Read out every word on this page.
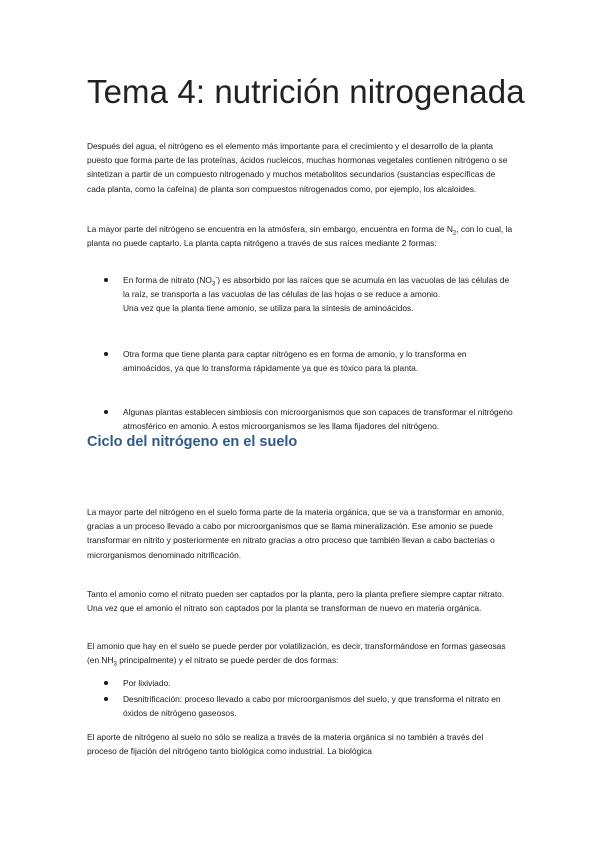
Tema 4: nutrición nitrogenada

Después del agua, el nitrógeno es el elemento más importante para el crecimiento y el desarrollo de la planta puesto que forma parte de las proteínas, ácidos nucleicos, muchas hormonas vegetales contienen nitrógeno o se sintetizan a partir de un compuesto nitrogenado y muchos metabolitos secundarios (sustancias específicas de cada planta, como la cafeína) de planta son compuestos nitrogenados como, por ejemplo, los alcaloides.

La mayor parte del nitrógeno se encuentra en la atmósfera, sin embargo, encuentra en forma de $N_2$, con lo cual, la planta no puede captarlo. La planta capta nitrógeno a través de sus raíces mediante 2 formas:

En forma de nitrato $(NO_3^-)$ es absorbido por las raíces que se acumula en las vacuolas de las células de la raíz, se transporta a las vacuolas de las células de las hojas o se reduce a amonio.
Una vez que la planta tiene amonio, se utiliza para la síntesis de aminoácidos.
Otra forma que tiene planta para captar nitrógeno es en forma de amonio, y lo transforma en aminoácidos, ya que lo transforma rápidamente ya que es tóxico para la planta.
Algunas plantas establecen simbiosis con microorganismos que son capaces de transformar el nitrógeno atmosférico en amonio. A estos microorganismos se les llama fijadores del nitrógeno.
Ciclo del nitrógeno en el suelo

La mayor parte del nitrógeno en el suelo forma parte de la materia orgánica, que se va a transformar en amonio, gracias a un proceso llevado a cabo por microorganismos que se llama mineralización. Ese amonio se puede transformar en nitrito y posteriormente en nitrato gracias a otro proceso que también llevan a cabo bacterias o microrganismos denominado nitrificación.

Tanto el amonio como el nitrato pueden ser captados por la planta, pero la planta prefiere siempre captar nitrato. Una vez que el amonio el nitrato son captados por la planta se transforman de nuevo en materia orgánica.

El amonio que hay en el suelo se puede perder por volatilización, es decir, transformándose en formas gaseosas (en $NH_3$ principalmente) y el nitrato se puede perder de dos formas:

Por lixiviado.
Desnitrificación: proceso llevado a cabo por microorganismos del suelo, y que transforma el nitrato en óxidos de nitrógeno gaseosos.

El aporte de nitrógeno al suelo no sólo se realiza a través de la materia orgánica si no también a través del proceso de fijación del nitrógeno tanto biológica como industrial. La biológica
